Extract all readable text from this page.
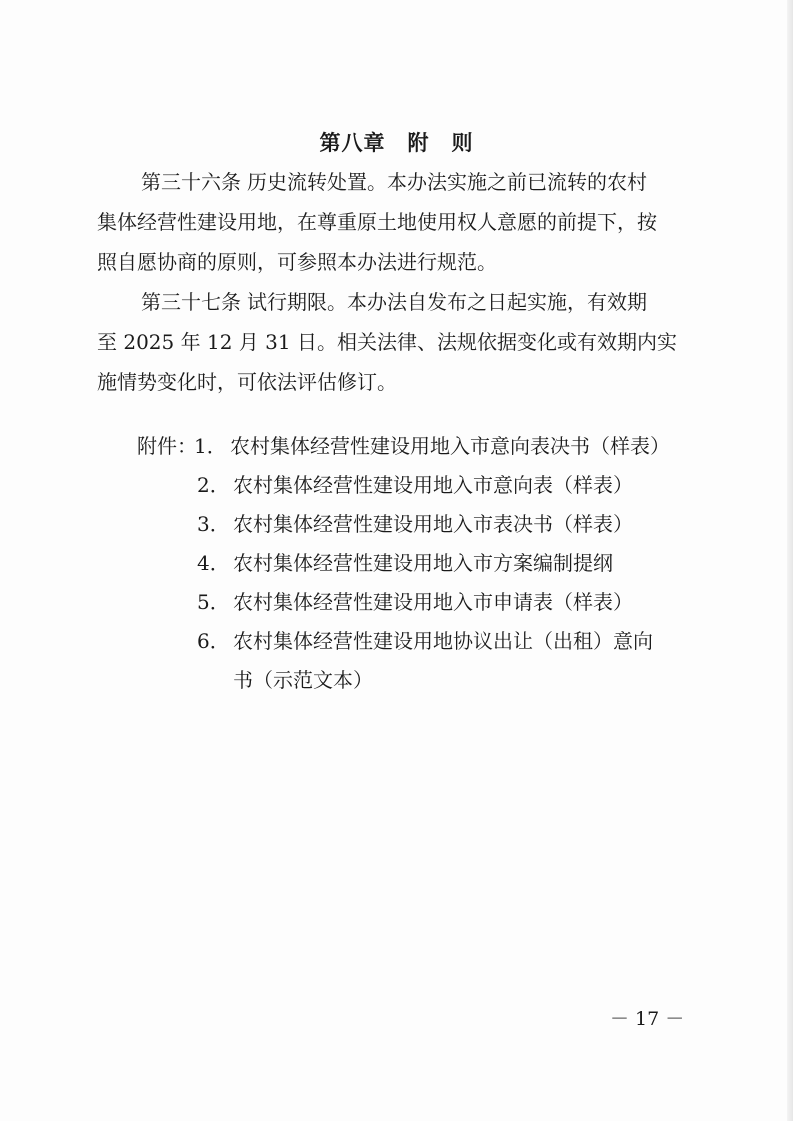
第八章　附　则
第三十六条 历史流转处置。本办法实施之前已流转的农村
集体经营性建设用地，在尊重原土地使用权人意愿的前提下，按
照自愿协商的原则，可参照本办法进行规范。
第三十七条 试行期限。本办法自发布之日起实施，有效期
至 2025 年 12 月 31 日。相关法律、法规依据变化或有效期内实
施情势变化时，可依法评估修订。
附件：
1． 农村集体经营性建设用地入市意向表决书（样表）
2． 农村集体经营性建设用地入市意向表（样表）
3． 农村集体经营性建设用地入市表决书（样表）
4． 农村集体经营性建设用地入市方案编制提纲
5． 农村集体经营性建设用地入市申请表（样表）
6． 农村集体经营性建设用地协议出让（出租）意向
书（示范文本）
－ 17 －
